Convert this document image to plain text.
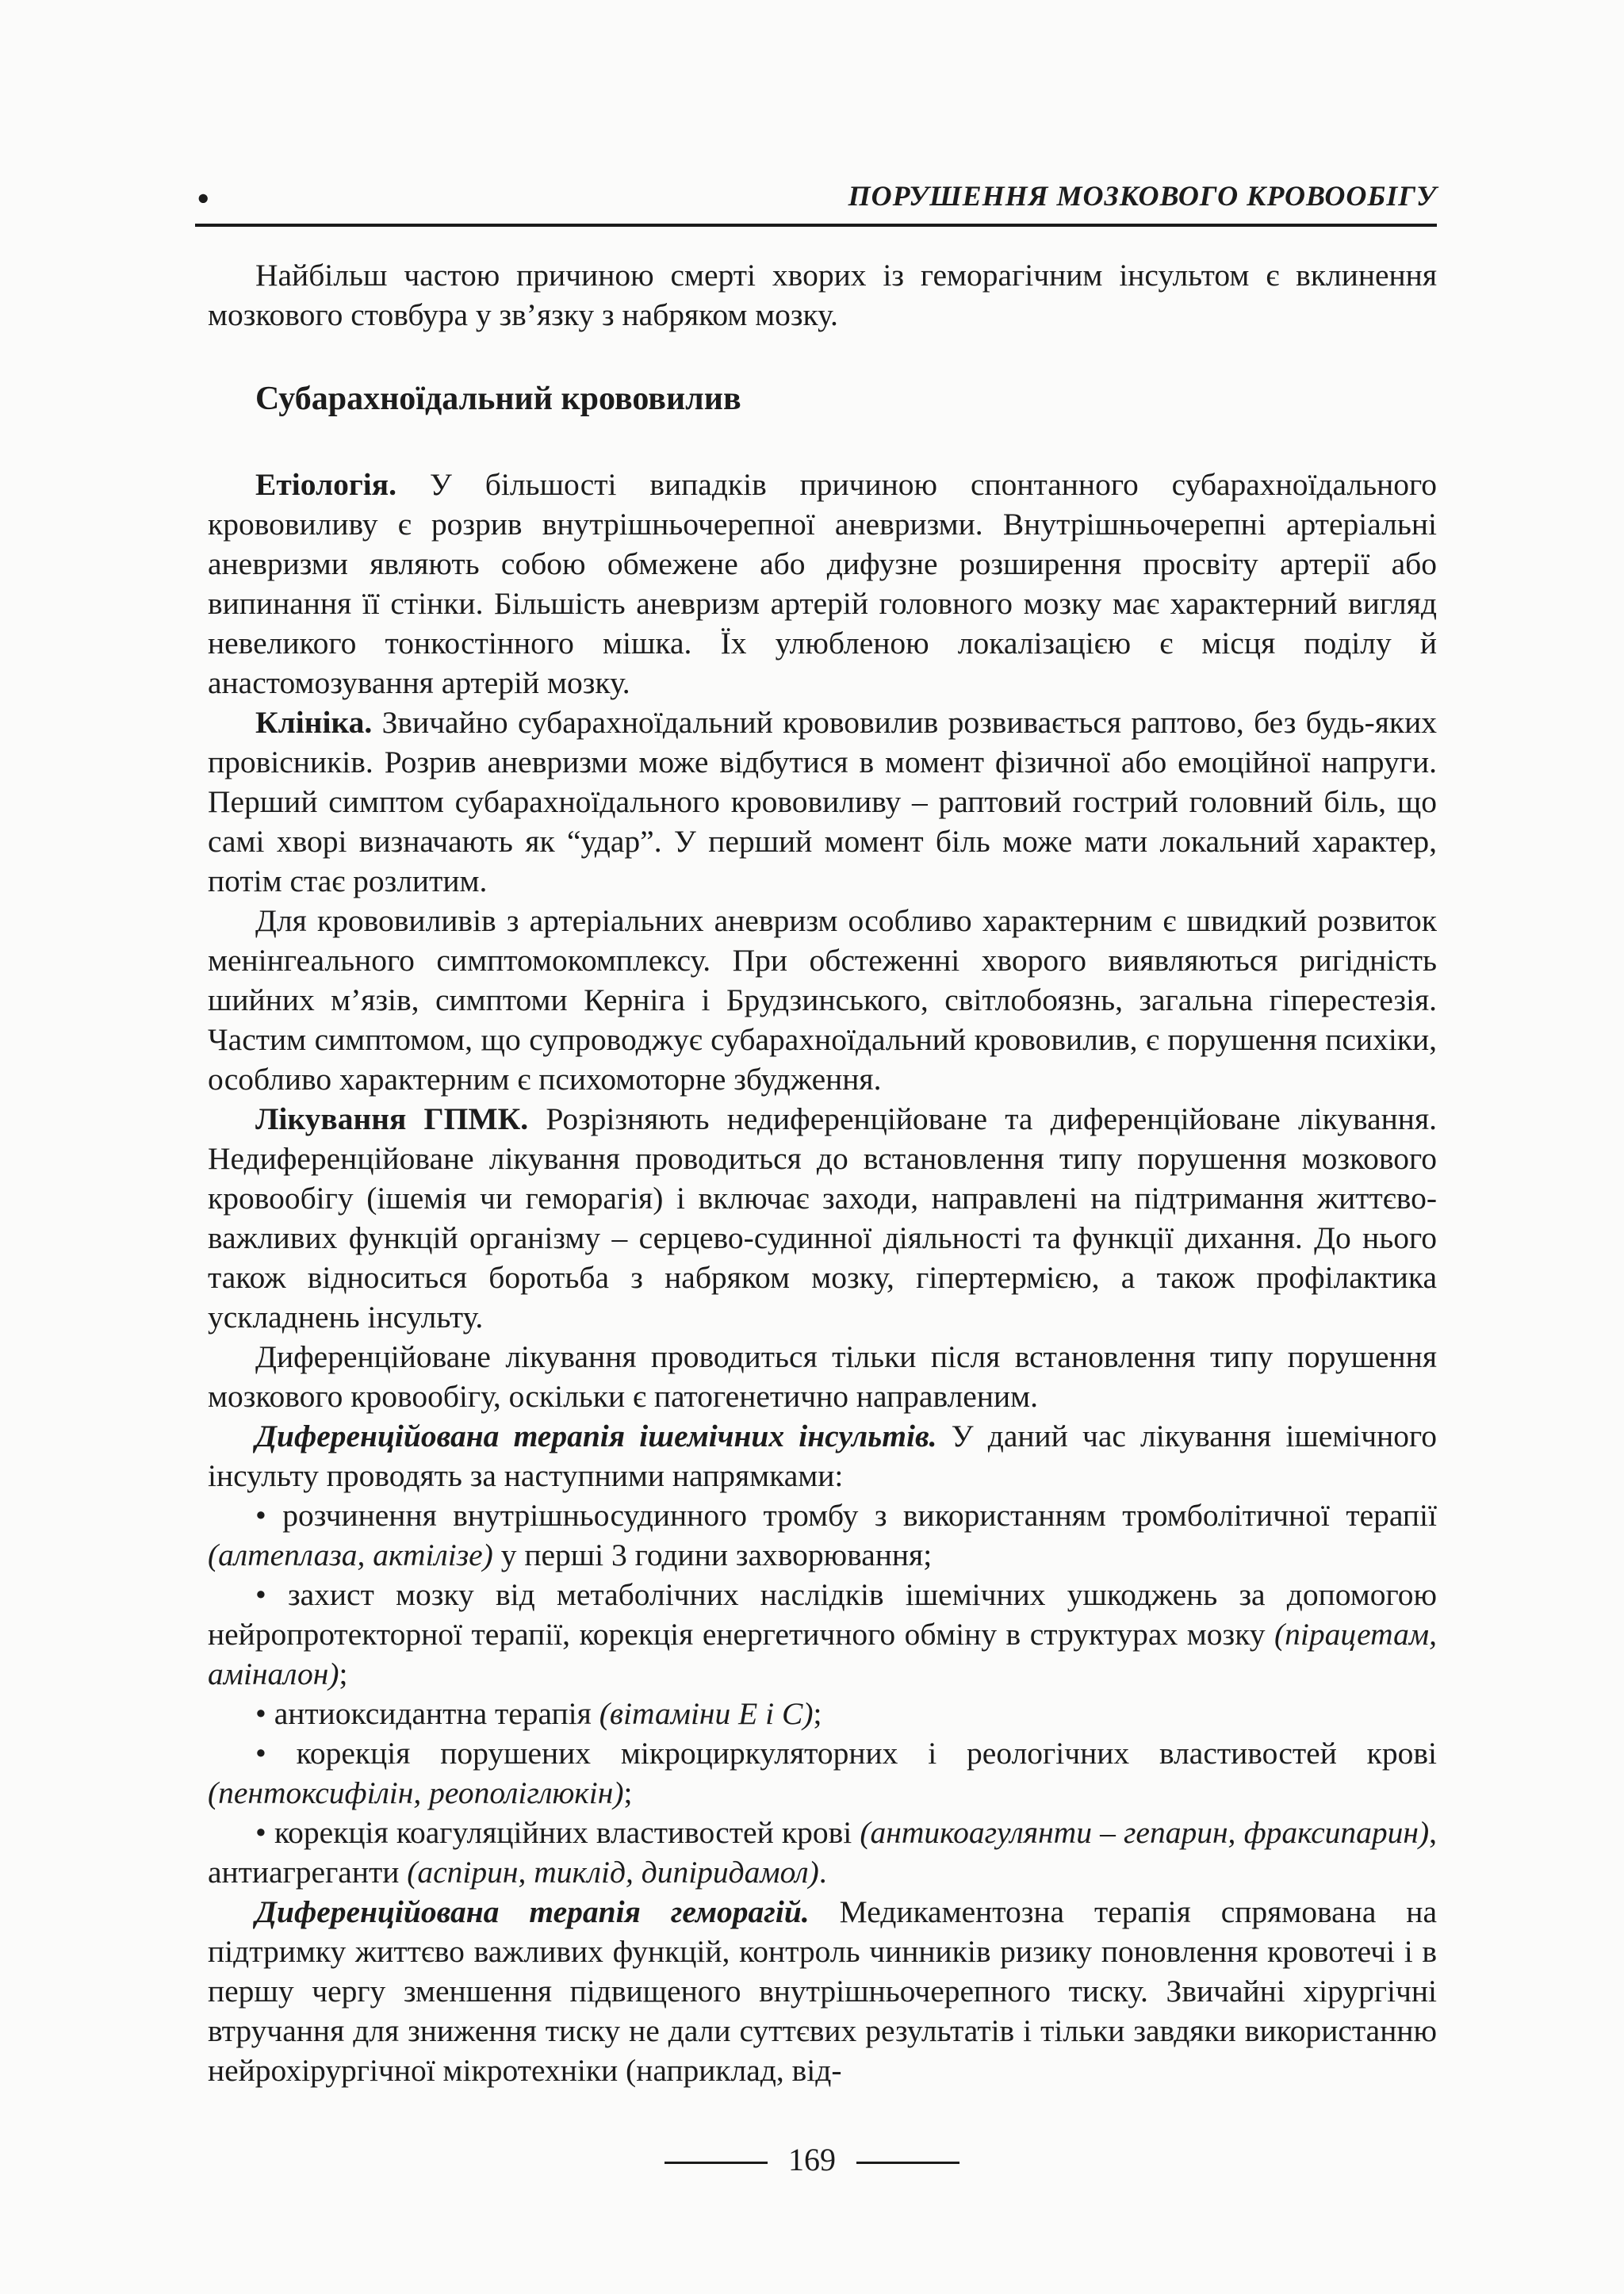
•	ПОРУШЕННЯ МОЗКОВОГО КРОВООБІГУ

Найбільш частою причиною смерті хворих із геморагічним інсультом є вклинення мозкового стовбура у зв’язку з набряком мозку.

Субарахноїдальний крововилив

Етіологія. У більшості випадків причиною спонтанного субарахноїдального крововиливу є розрив внутрішньочерепної аневризми. Внутрішньочерепні артеріальні аневризми являють собою обмежене або дифузне розширення просвіту артерії або випинання її стінки. Більшість аневризм артерій головного мозку має характерний вигляд невеликого тонкостінного мішка. Їх улюбленою локалізацією є місця поділу й анастомозування артерій мозку.

Клініка. Звичайно субарахноїдальний крововилив розвивається раптово, без будь-яких провісників. Розрив аневризми може відбутися в момент фізичної або емоційної напруги. Перший симптом субарахноїдального крововиливу – раптовий гострий головний біль, що самі хворі визначають як “удар”. У перший момент біль може мати локальний характер, потім стає розлитим.

Для крововиливів з артеріальних аневризм особливо характерним є швидкий розвиток менінгеального симптомокомплексу. При обстеженні хворого виявляються ригідність шийних м’язів, симптоми Керніга і Брудзинського, світлобоязнь, загальна гіперестезія. Частим симптомом, що супроводжує субарахноїдальний крововилив, є порушення психіки, особливо характерним є психомоторне збудження.

Лікування ГПМК. Розрізняють недиференційоване та диференційоване лікування. Недиференційоване лікування проводиться до встановлення типу порушення мозкового кровообігу (ішемія чи геморагія) і включає заходи, направлені на підтримання життєво-важливих функцій організму – серцево-судинної діяльності та функції дихання. До нього також відноситься боротьба з набряком мозку, гіпертермією, а також профілактика ускладнень інсульту.

Диференційоване лікування проводиться тільки після встановлення типу порушення мозкового кровообігу, оскільки є патогенетично направленим.

Диференційована терапія ішемічних інсультів. У даний час лікування ішемічного інсульту проводять за наступними напрямками:

• розчинення внутрішньосудинного тромбу з використанням тромболітичної терапії (алтеплаза, актілізе) у перші 3 години захворювання;

• захист мозку від метаболічних наслідків ішемічних ушкоджень за допомогою нейропротекторної терапії, корекція енергетичного обміну в структурах мозку (пірацетам, аміналон);

• антиоксидантна терапія (вітаміни Е і С);

• корекція порушених мікроциркуляторних і реологічних властивостей крові (пентоксифілін, реополіглюкін);

• корекція коагуляційних властивостей крові (антикоагулянти – гепарин, фраксипарин), антиагреганти (аспірин, тиклід, дипіридамол).

Диференційована терапія геморагій. Медикаментозна терапія спрямована на підтримку життєво важливих функцій, контроль чинників ризику поновлення кровотечі і в першу чергу зменшення підвищеного внутрішньочерепного тиску. Звичайні хірургічні втручання для зниження тиску не дали суттєвих результатів і тільки завдяки використанню нейрохірургічної мікротехніки (наприклад, від-

169
